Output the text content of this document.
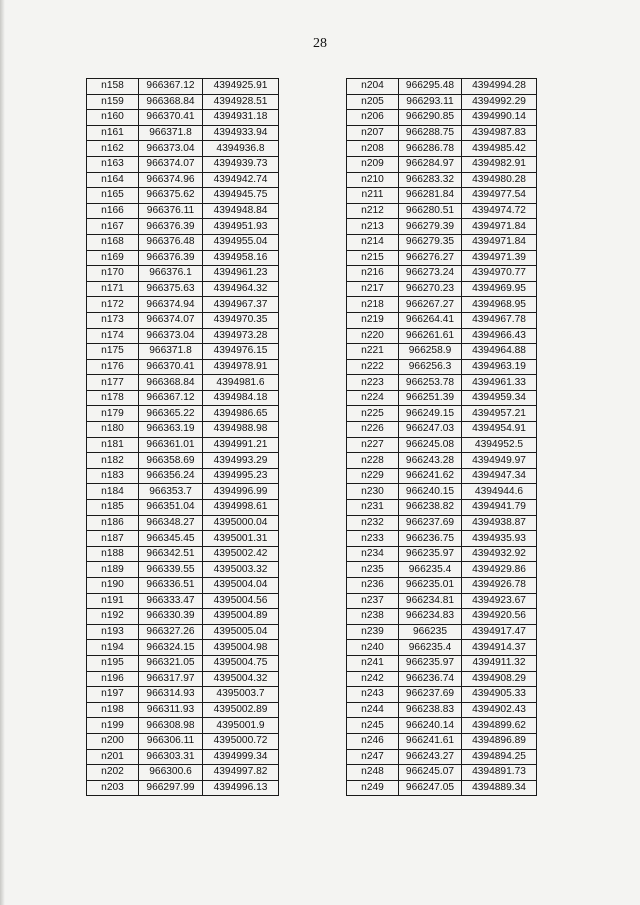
28
n158	966367.12	4394925.91
n159	966368.84	4394928.51
n160	966370.41	4394931.18
n161	966371.8	4394933.94
n162	966373.04	4394936.8
n163	966374.07	4394939.73
n164	966374.96	4394942.74
n165	966375.62	4394945.75
n166	966376.11	4394948.84
n167	966376.39	4394951.93
n168	966376.48	4394955.04
n169	966376.39	4394958.16
n170	966376.1	4394961.23
n171	966375.63	4394964.32
n172	966374.94	4394967.37
n173	966374.07	4394970.35
n174	966373.04	4394973.28
n175	966371.8	4394976.15
n176	966370.41	4394978.91
n177	966368.84	4394981.6
n178	966367.12	4394984.18
n179	966365.22	4394986.65
n180	966363.19	4394988.98
n181	966361.01	4394991.21
n182	966358.69	4394993.29
n183	966356.24	4394995.23
n184	966353.7	4394996.99
n185	966351.04	4394998.61
n186	966348.27	4395000.04
n187	966345.45	4395001.31
n188	966342.51	4395002.42
n189	966339.55	4395003.32
n190	966336.51	4395004.04
n191	966333.47	4395004.56
n192	966330.39	4395004.89
n193	966327.26	4395005.04
n194	966324.15	4395004.98
n195	966321.05	4395004.75
n196	966317.97	4395004.32
n197	966314.93	4395003.7
n198	966311.93	4395002.89
n199	966308.98	4395001.9
n200	966306.11	4395000.72
n201	966303.31	4394999.34
n202	966300.6	4394997.82
n203	966297.99	4394996.13
n204	966295.48	4394994.28
n205	966293.11	4394992.29
n206	966290.85	4394990.14
n207	966288.75	4394987.83
n208	966286.78	4394985.42
n209	966284.97	4394982.91
n210	966283.32	4394980.28
n211	966281.84	4394977.54
n212	966280.51	4394974.72
n213	966279.39	4394971.84
n214	966279.35	4394971.84
n215	966276.27	4394971.39
n216	966273.24	4394970.77
n217	966270.23	4394969.95
n218	966267.27	4394968.95
n219	966264.41	4394967.78
n220	966261.61	4394966.43
n221	966258.9	4394964.88
n222	966256.3	4394963.19
n223	966253.78	4394961.33
n224	966251.39	4394959.34
n225	966249.15	4394957.21
n226	966247.03	4394954.91
n227	966245.08	4394952.5
n228	966243.28	4394949.97
n229	966241.62	4394947.34
n230	966240.15	4394944.6
n231	966238.82	4394941.79
n232	966237.69	4394938.87
n233	966236.75	4394935.93
n234	966235.97	4394932.92
n235	966235.4	4394929.86
n236	966235.01	4394926.78
n237	966234.81	4394923.67
n238	966234.83	4394920.56
n239	966235	4394917.47
n240	966235.4	4394914.37
n241	966235.97	4394911.32
n242	966236.74	4394908.29
n243	966237.69	4394905.33
n244	966238.83	4394902.43
n245	966240.14	4394899.62
n246	966241.61	4394896.89
n247	966243.27	4394894.25
n248	966245.07	4394891.73
n249	966247.05	4394889.34
